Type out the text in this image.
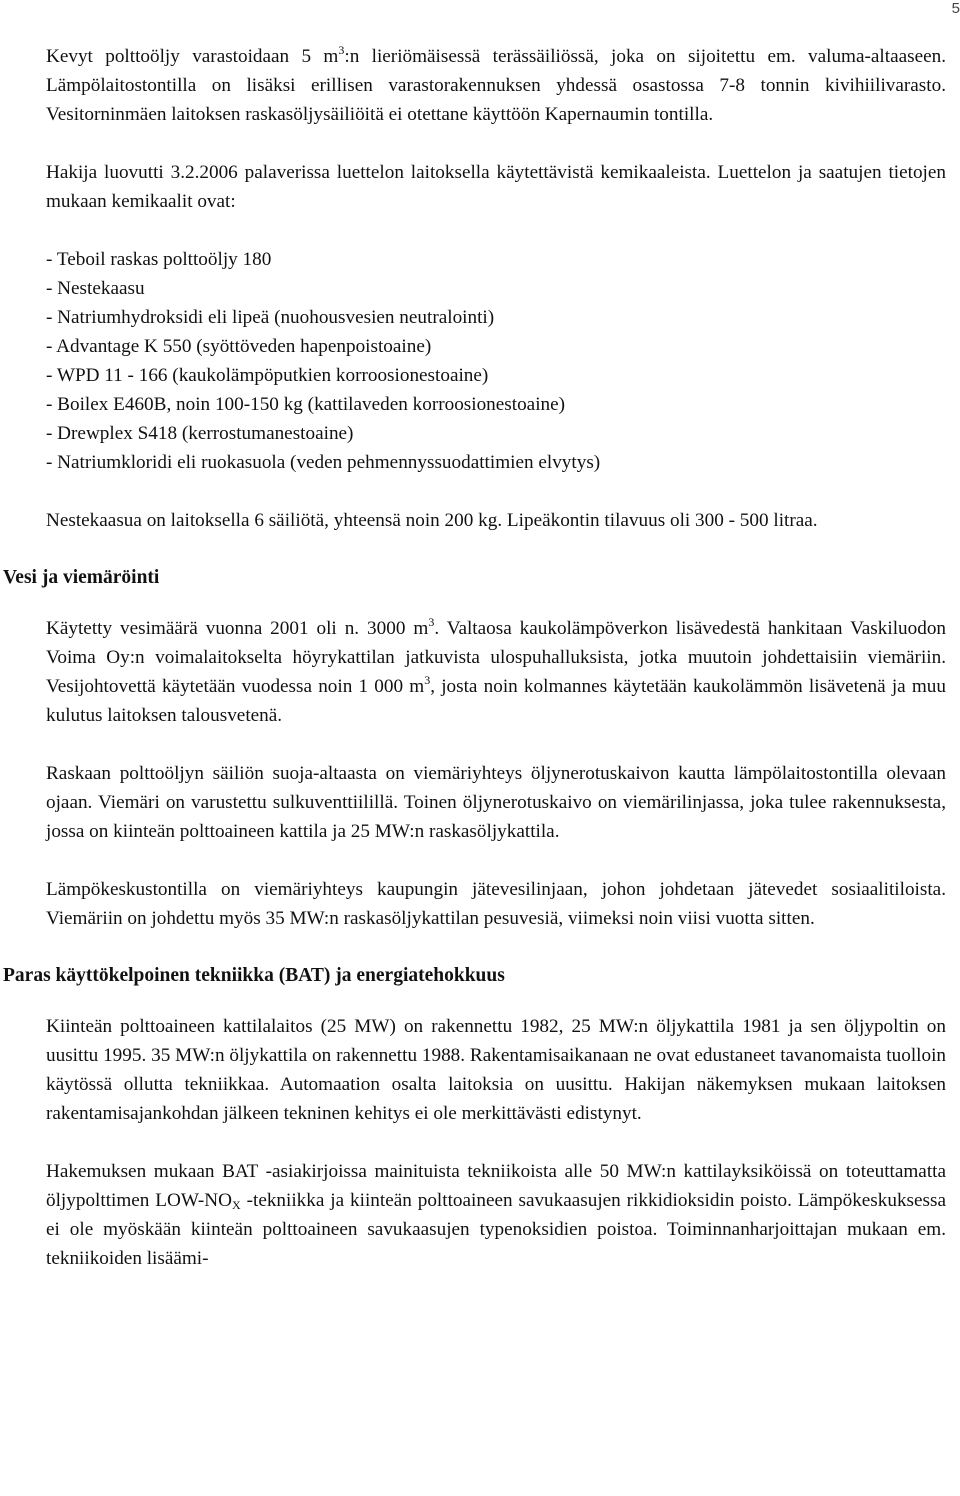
5

Kevyt polttoöljy varastoidaan 5 $m^3:n$ lieriömäisessä terässäiliössä, joka on sijoitettu em. valuma-altaaseen. Lämpölaitostontilla on lisäksi erillisen varastorakennuksen yhdessä osastossa 7-8 tonnin kivihiilivarasto. Vesitorninmäen laitoksen raskasöljysäiliöitä ei otettane käyttöön Kapernaumin tontilla.

Hakija luovutti 3.2.2006 palaverissa luettelon laitoksella käytettävistä kemikaaleista. Luettelon ja saatujen tietojen mukaan kemikaalit ovat:

- Teboil raskas polttoöljy 180
- Nestekaasu
- Natriumhydroksidi eli lipeä (nuohousvesien neutralointi)
- Advantage K 550 (syöttöveden hapenpoistoaine)
- WPD 11 - 166 (kaukolämpöputkien korroosionestoaine)
- Boilex E460B, noin 100-150 kg (kattilaveden korroosionestoaine)
- Drewplex S418 (kerrostumanestoaine)
- Natriumkloridi eli ruokasuola (veden pehmennyssuodattimien elvytys)

Nestekaasua on laitoksella 6 säiliötä, yhteensä noin 200 kg. Lipeäkontin tilavuus oli 300 - 500 litraa.

Vesi ja viemäröinti

Käytetty vesimäärä vuonna 2001 oli n. 3000 $m^3$. Valtaosa kaukolämpöverkon lisävedestä hankitaan Vaskiluodon Voima Oy:n voimalaitokselta höyrykattilan jatkuvista ulospuhalluksista, jotka muutoin johdettaisiin viemäriin. Vesijohtovettä käytetään vuodessa noin 1 000 $m^3$, josta noin kolmannes käytetään kaukolämmön lisävetenä ja muu kulutus laitoksen talousvetenä.

Raskaan polttoöljyn säiliön suoja-altaasta on viemäriyhteys öljynerotuskaivon kautta lämpölaitostontilla olevaan ojaan. Viemäri on varustettu sulkuventtiilillä. Toinen öljynerotuskaivo on viemärilinjassa, joka tulee rakennuksesta, jossa on kiinteän polttoaineen kattila ja 25 MW:n raskasöljykattila.

Lämpökeskustontilla on viemäriyhteys kaupungin jätevesilinjaan, johon johdetaan jätevedet sosiaalitiloista. Viemäriin on johdettu myös 35 MW:n raskasöljykattilan pesuvesiä, viimeksi noin viisi vuotta sitten.

Paras käyttökelpoinen tekniikka (BAT) ja energiatehokkuus

Kiinteän polttoaineen kattilalaitos (25 MW) on rakennettu 1982, 25 MW:n öljykattila 1981 ja sen öljypoltin on uusittu 1995. 35 MW:n öljykattila on rakennettu 1988. Rakentamisaikanaan ne ovat edustaneet tavanomaista tuolloin käytössä ollutta tekniikkaa. Automaation osalta laitoksia on uusittu. Hakijan näkemyksen mukaan laitoksen rakentamisajankohdan jälkeen tekninen kehitys ei ole merkittävästi edistynyt.

Hakemuksen mukaan BAT -asiakirjoissa mainituista tekniikoista alle 50 MW:n kattilayksiköissä on toteuttamatta öljypolttimen LOW-$NO_X$ -tekniikka ja kiinteän polttoaineen savukaasujen rikkidioksidin poisto. Lämpökeskuksessa ei ole myöskään kiinteän polttoaineen savukaasujen typenoksidien poistoa. Toiminnanharjoittajan mukaan em. tekniikoiden lisäämi-
